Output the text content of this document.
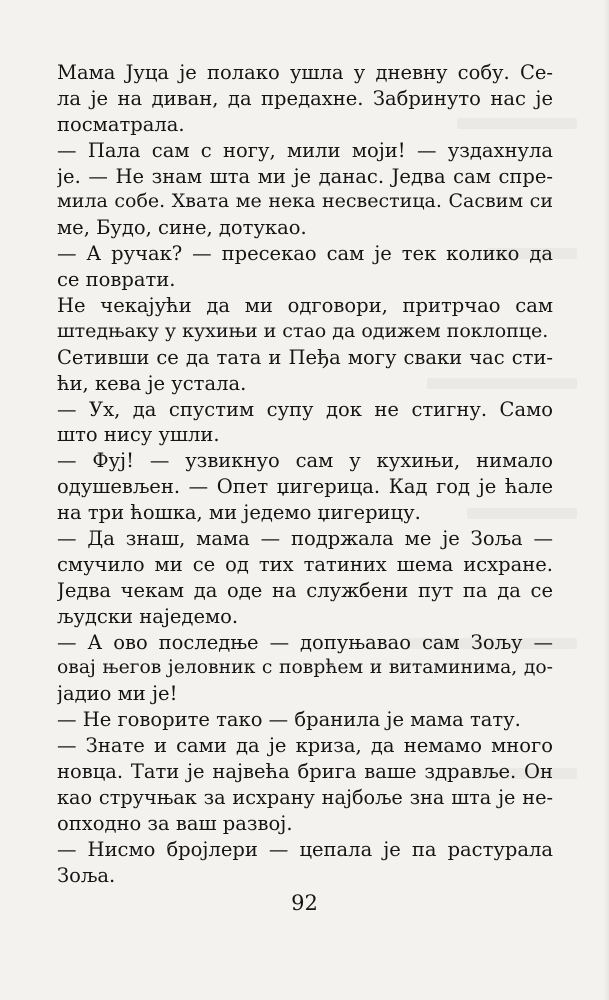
Мама Јуца је полако ушла у дневну собу. Се-
ла је на диван, да предахне. Забринуто нас је
посматрала.
— Пала сам с ногу, мили моји! — уздахнула
је. — Не знам шта ми је данас. Једва сам спре-
мила собе. Хвата ме нека несвестица. Сасвим си
ме, Будо, сине, дотукао.
— А ручак? — пресекао сам је тек колико да
се поврати.
Не чекајући да ми одговори, притрчао сам
штедњаку у кухињи и стао да одижем поклопце.
Сетивши се да тата и Пеђа могу сваки час сти-
ћи, кева је устала.
— Ух, да спустим супу док не стигну. Само
што нису ушли.
— Фуј! — узвикнуо сам у кухињи, нимало
одушевљен. — Опет џигерица. Кад год је ћале
на три ћошка, ми једемо џигерицу.
— Да знаш, мама — подржала ме је Зоља —
смучило ми се од тих татиних шема исхране.
Једва чекам да оде на службени пут па да се
људски наједемо.
— А ово последње — допуњавао сам Зољу —
овај његов јеловник с поврћем и витаминима, до-
јадио ми је!
— Не говорите тако — бранила је мама тату.
— Знате и сами да је криза, да немамо много
новца. Тати је највећа брига ваше здравље. Он
као стручњак за исхрану најбоље зна шта је не-
опходно за ваш развој.
— Нисмо бројлери — цепала је па растурала
Зоља.
92
